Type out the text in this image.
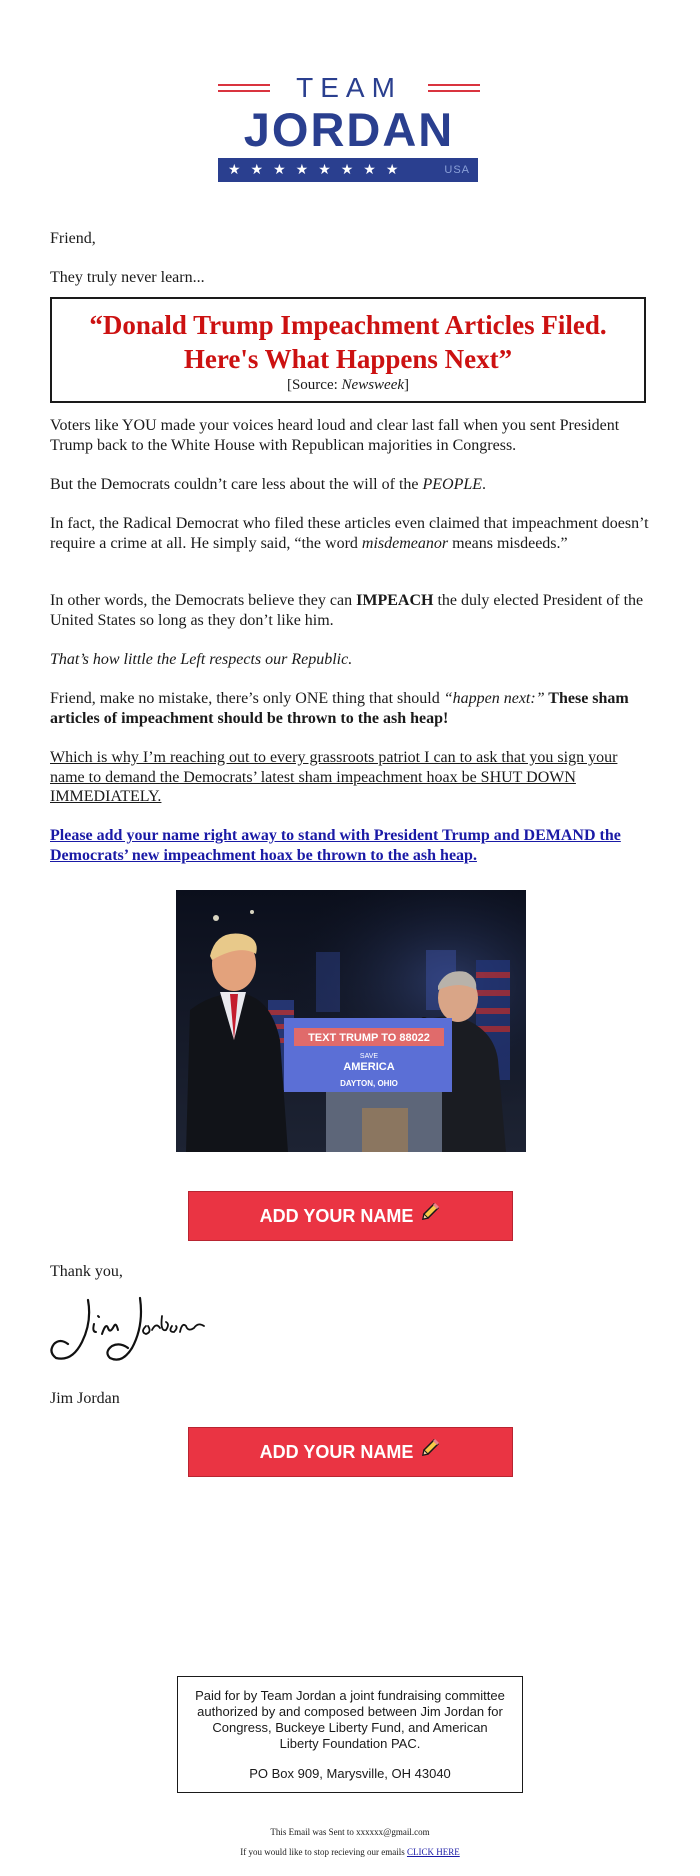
TEAM
JORDAN
★★★★★★★★	USA

Friend,

They truly never learn...

“Donald Trump Impeachment Articles Filed. Here's What Happens Next”
[Source: Newsweek]

Voters like YOU made your voices heard loud and clear last fall when you sent President Trump back to the White House with Republican majorities in Congress.

But the Democrats couldn’t care less about the will of the PEOPLE.

In fact, the Radical Democrat who filed these articles even claimed that impeachment doesn’t require a crime at all. He simply said, “the word misdemeanor means misdeeds.”

In other words, the Democrats believe they can IMPEACH the duly elected President of the United States so long as they don’t like him.

That’s how little the Left respects our Republic.

Friend, make no mistake, there’s only ONE thing that should “happen next:” These sham articles of impeachment should be thrown to the ash heap!

Which is why I’m reaching out to every grassroots patriot I can to ask that you sign your name to demand the Democrats’ latest sham impeachment hoax be SHUT DOWN IMMEDIATELY.

Please add your name right away to stand with President Trump and DEMAND the Democrats’ new impeachment hoax be thrown to the ash heap.

TEXT TRUMP TO 88022
SAVE
AMERICA
DAYTON, OHIO
ADD YOUR NAME

Thank you,

Jim Jordan

ADD YOUR NAME
Paid for by Team Jordan a joint fundraising committee authorized by and composed between Jim Jordan for Congress, Buckeye Liberty Fund, and American Liberty Foundation PAC.
PO Box 909, Marysville, OH 43040
This Email was Sent to xxxxxx@gmail.com
If you would like to stop recieving our emails CLICK HERE
